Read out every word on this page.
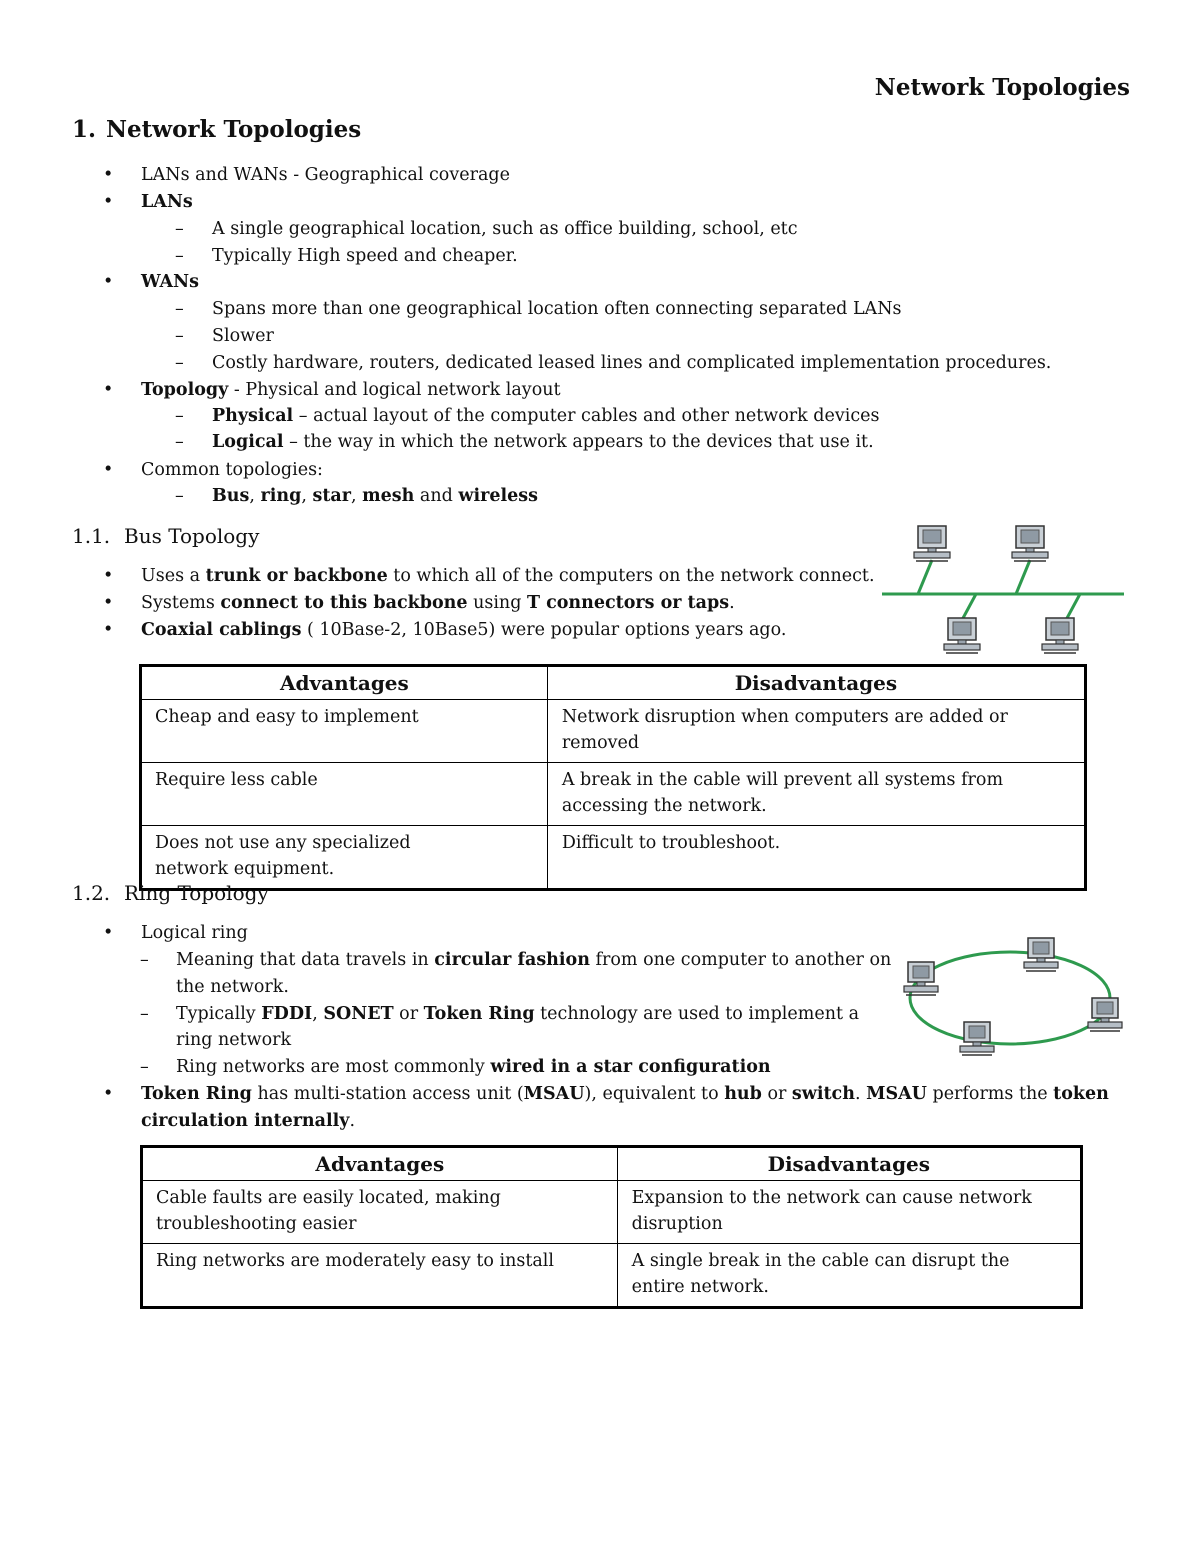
Network Topologies
1. Network Topologies
• LANs and WANs - Geographical coverage
• LANs
– A single geographical location, such as office building, school, etc
– Typically High speed and cheaper.
• WANs
– Spans more than one geographical location often connecting separated LANs
– Slower
– Costly hardware, routers, dedicated leased lines and complicated implementation procedures.
• Topology - Physical and logical network layout
– Physical – actual layout of the computer cables and other network devices
– Logical – the way in which the network appears to the devices that use it.
• Common topologies:
– Bus, ring, star, mesh and wireless
1.1. Bus Topology
• Uses a trunk or backbone to which all of the computers on the network connect.
• Systems connect to this backbone using T connectors or taps.
• Coaxial cablings ( 10Base-2, 10Base5) were popular options years ago.
Advantages	Disadvantages
Cheap and easy to implement	Network disruption when computers are added or removed
Require less cable	A break in the cable will prevent all systems from accessing the network.
Does not use any specialized network equipment.	Difficult to troubleshoot.
1.2. Ring Topology
• Logical ring
– Meaning that data travels in circular fashion from one computer to another on
the network.
– Typically FDDI, SONET or Token Ring technology are used to implement a
ring network
– Ring networks are most commonly wired in a star configuration
• Token Ring has multi-station access unit (MSAU), equivalent to hub or switch. MSAU performs the token
circulation internally.
Advantages	Disadvantages
Cable faults are easily located, making troubleshooting easier	Expansion to the network can cause network disruption
Ring networks are moderately easy to install	A single break in the cable can disrupt the entire network.
